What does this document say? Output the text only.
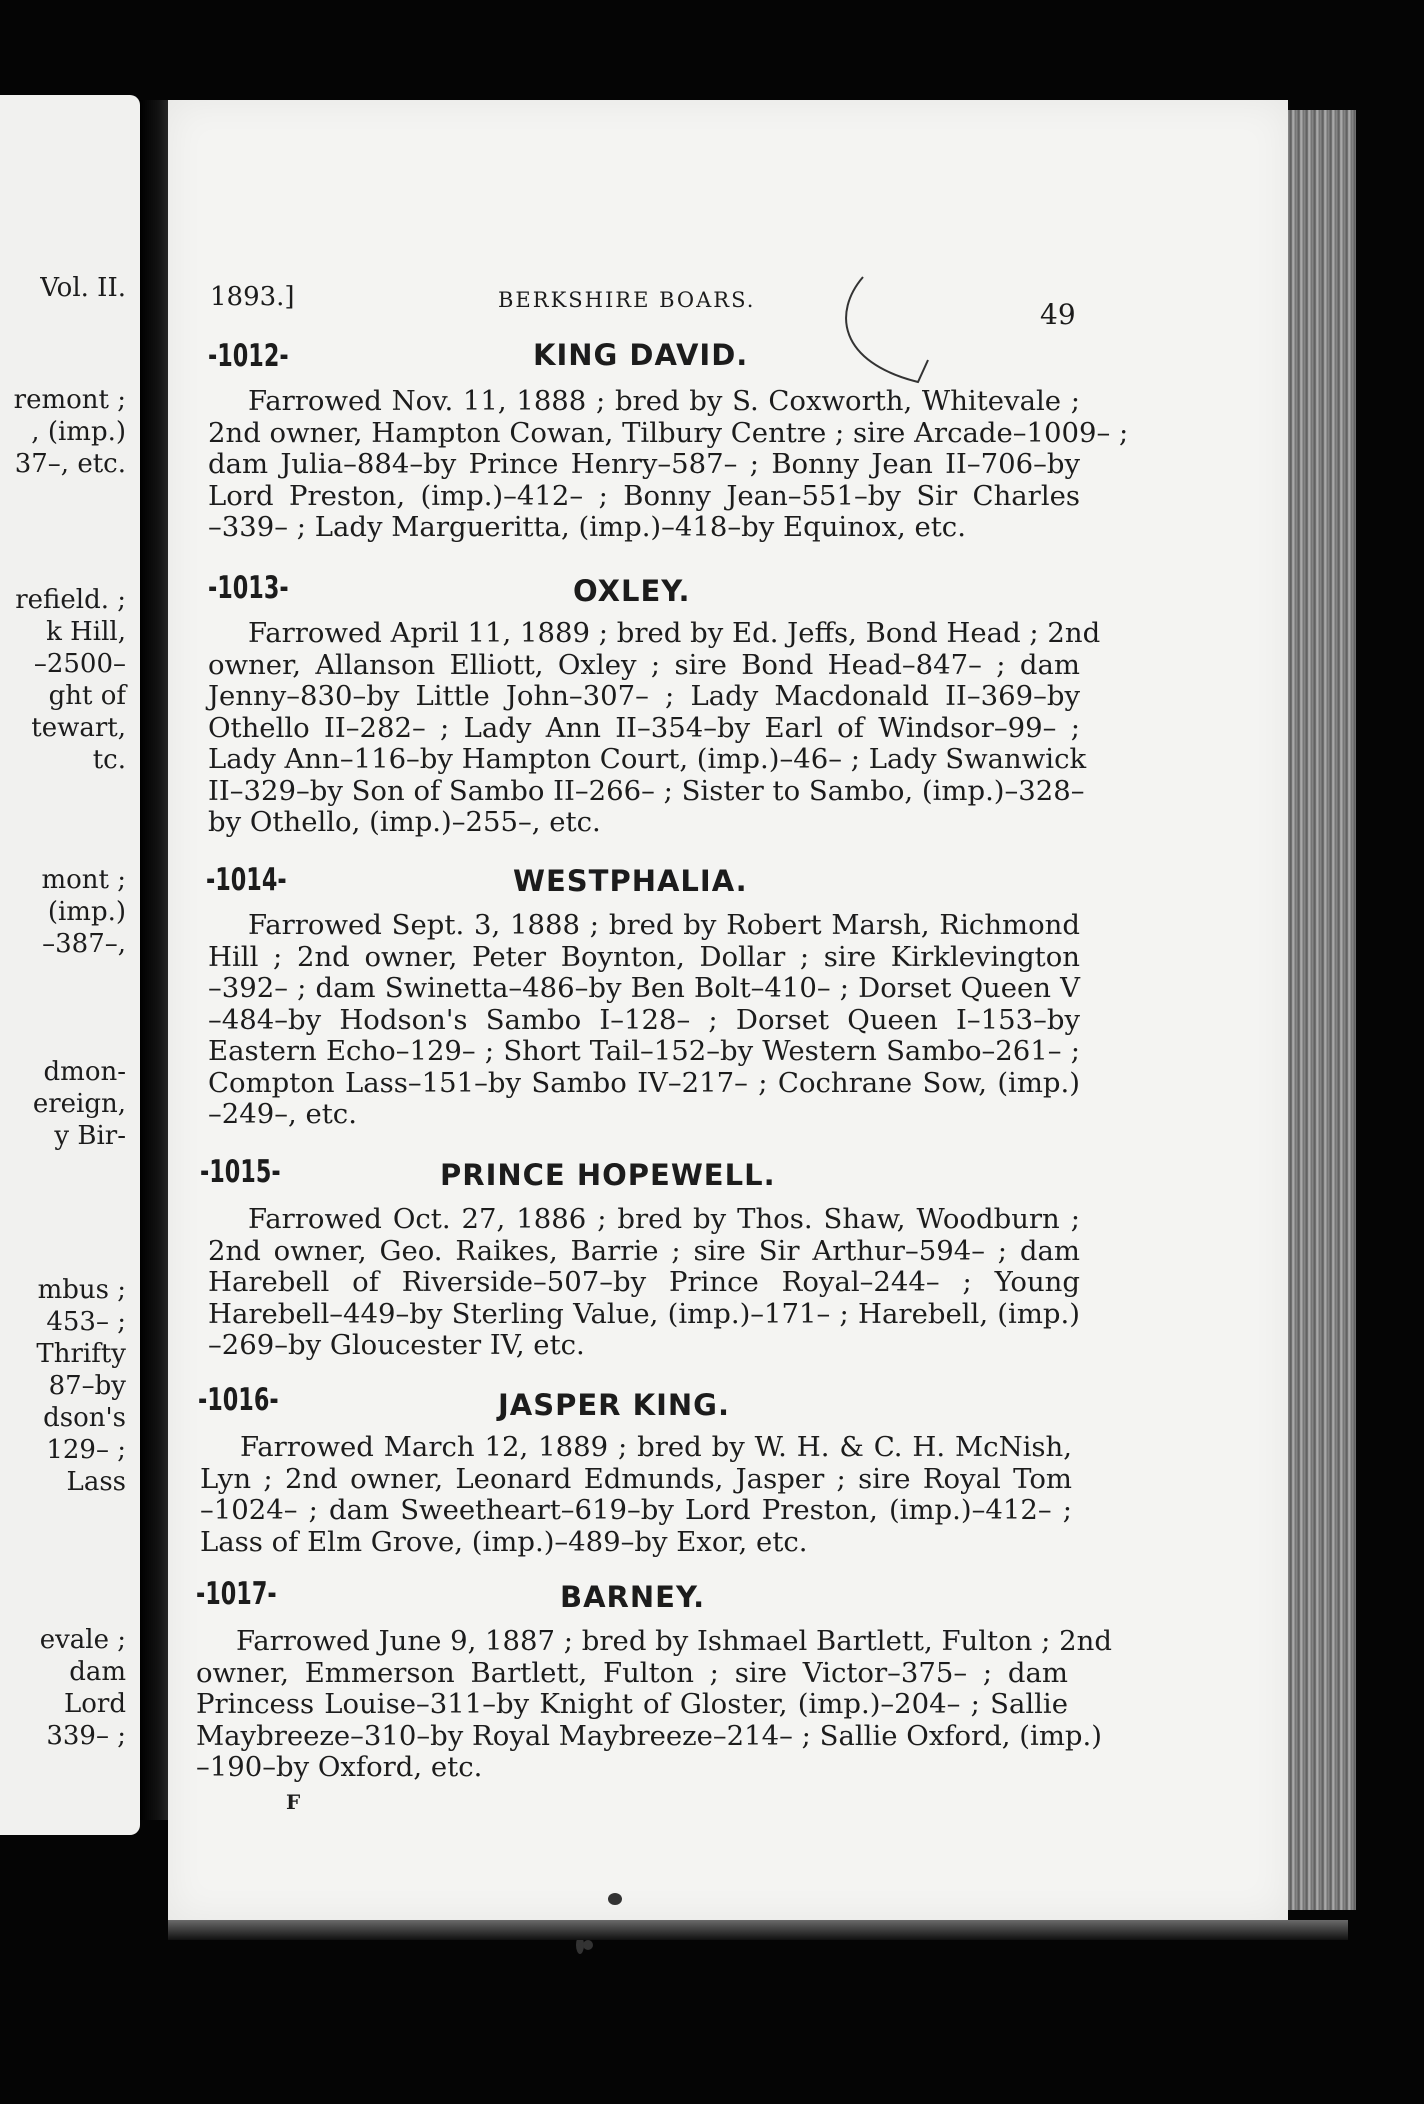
Vol. II.
remont ;
, (imp.)
37–, etc.
refield. ;
k Hill,
–2500–
ght of
tewart,
tc.
mont ;
(imp.)
–387–,
dmon-
ereign,
y Bir-
mbus ;
453– ;
Thrifty
87–by
dson's
129– ;
Lass
evale ;
dam
Lord
339– ;
1893.]	BERKSHIRE BOARS.	49
-1012-	KING DAVID.
Farrowed Nov. 11, 1888 ; bred by S. Coxworth, Whitevale ;
2nd owner, Hampton Cowan, Tilbury Centre ; sire Arcade–1009– ;
dam Julia–884–by Prince Henry–587– ; Bonny Jean II–706–by
Lord Preston, (imp.)–412– ; Bonny Jean–551–by Sir Charles
–339– ; Lady Margueritta, (imp.)–418–by Equinox, etc.
-1013-	OXLEY.
Farrowed April 11, 1889 ; bred by Ed. Jeffs, Bond Head ; 2nd
owner, Allanson Elliott, Oxley ; sire Bond Head–847– ; dam
Jenny–830–by Little John–307– ; Lady Macdonald II–369–by
Othello II–282– ; Lady Ann II–354–by Earl of Windsor–99– ;
Lady Ann–116–by Hampton Court, (imp.)–46– ; Lady Swanwick
II–329–by Son of Sambo II–266– ; Sister to Sambo, (imp.)–328–
by Othello, (imp.)–255–, etc.
-1014-	WESTPHALIA.
Farrowed Sept. 3, 1888 ; bred by Robert Marsh, Richmond
Hill ; 2nd owner, Peter Boynton, Dollar ; sire Kirklevington
–392– ; dam Swinetta–486–by Ben Bolt–410– ; Dorset Queen V
–484–by Hodson's Sambo I–128– ; Dorset Queen I–153–by
Eastern Echo–129– ; Short Tail–152–by Western Sambo–261– ;
Compton Lass–151–by Sambo IV–217– ; Cochrane Sow, (imp.)
–249–, etc.
-1015-	PRINCE HOPEWELL.
Farrowed Oct. 27, 1886 ; bred by Thos. Shaw, Woodburn ;
2nd owner, Geo. Raikes, Barrie ; sire Sir Arthur–594– ; dam
Harebell of Riverside–507–by Prince Royal–244– ; Young
Harebell–449–by Sterling Value, (imp.)–171– ; Harebell, (imp.)
–269–by Gloucester IV, etc.
-1016-	JASPER KING.
Farrowed March 12, 1889 ; bred by W. H. & C. H. McNish,
Lyn ; 2nd owner, Leonard Edmunds, Jasper ; sire Royal Tom
–1024– ; dam Sweetheart–619–by Lord Preston, (imp.)–412– ;
Lass of Elm Grove, (imp.)–489–by Exor, etc.
-1017-	BARNEY.
Farrowed June 9, 1887 ; bred by Ishmael Bartlett, Fulton ; 2nd
owner, Emmerson Bartlett, Fulton ; sire Victor–375– ; dam
Princess Louise–311–by Knight of Gloster, (imp.)–204– ; Sallie
Maybreeze–310–by Royal Maybreeze–214– ; Sallie Oxford, (imp.)
–190–by Oxford, etc.
F
